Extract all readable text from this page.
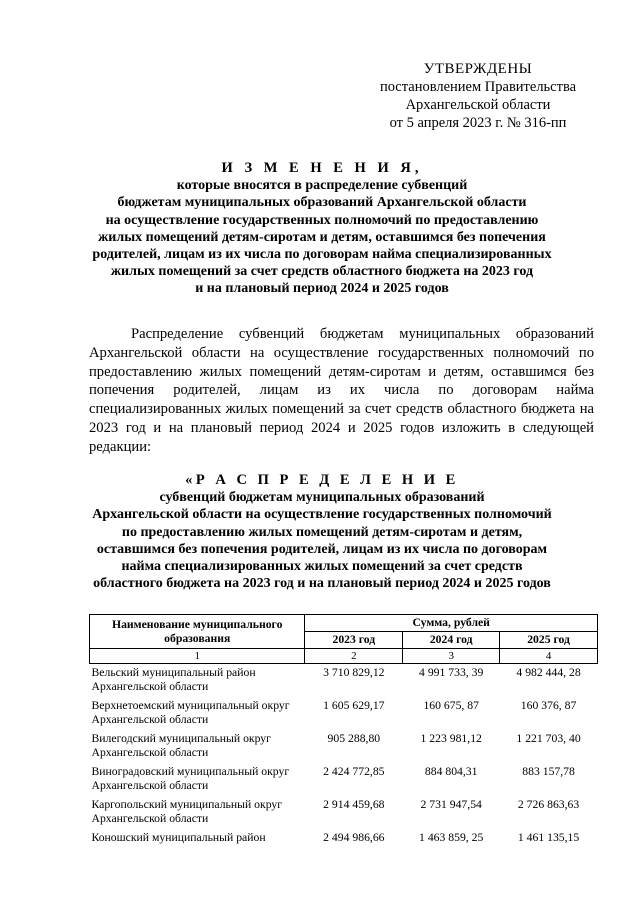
УТВЕРЖДЕНЫ
постановлением Правительства
Архангельской области
от 5 апреля 2023 г. № 316-пп
И З М Е Н Е Н И Я,
которые вносятся в распределение субвенций
бюджетам муниципальных образований Архангельской области
на осуществление государственных полномочий по предоставлению
жилых помещений детям-сиротам и детям, оставшимся без попечения
родителей, лицам из их числа по договорам найма специализированных
жилых помещений за счет средств областного бюджета на 2023 год
и на плановый период 2024 и 2025 годов
Распределение субвенций бюджетам муниципальных образований Архангельской области на осуществление государственных полномочий по предоставлению жилых помещений детям-сиротам и детям, оставшимся без попечения родителей, лицам из их числа по договорам найма специализированных жилых помещений за счет средств областного бюджета на 2023 год и на плановый период 2024 и 2025 годов изложить в следующей редакции:
«Р А С П Р Е Д Е Л Е Н И Е
субвенций бюджетам муниципальных образований
Архангельской области на осуществление государственных полномочий
по предоставлению жилых помещений детям-сиротам и детям,
оставшимся без попечения родителей, лицам из их числа по договорам
найма специализированных жилых помещений за счет средств
областного бюджета на 2023 год и на плановый период 2024 и 2025 годов
Наименование муниципального образования	Сумма, рублей		
	2023 год	2024 год	2025 год
1	2	3	4
Вельский муниципальный район Архангельской области	3 710 829,12	4 991 733, 39	4 982 444, 28
Верхнетоемский муниципальный округ Архангельской области	1 605 629,17	160 675, 87	160 376, 87
Вилегодский муниципальный округ Архангельской области	905 288,80	1 223 981,12	1 221 703, 40
Виноградовский муниципальный округ Архангельской области	2 424 772,85	884 804,31	883 157,78
Каргопольский муниципальный округ Архангельской области	2 914 459,68	2 731 947,54	2 726 863,63
Коношский муниципальный район	2 494 986,66	1 463 859, 25	1 461 135,15
